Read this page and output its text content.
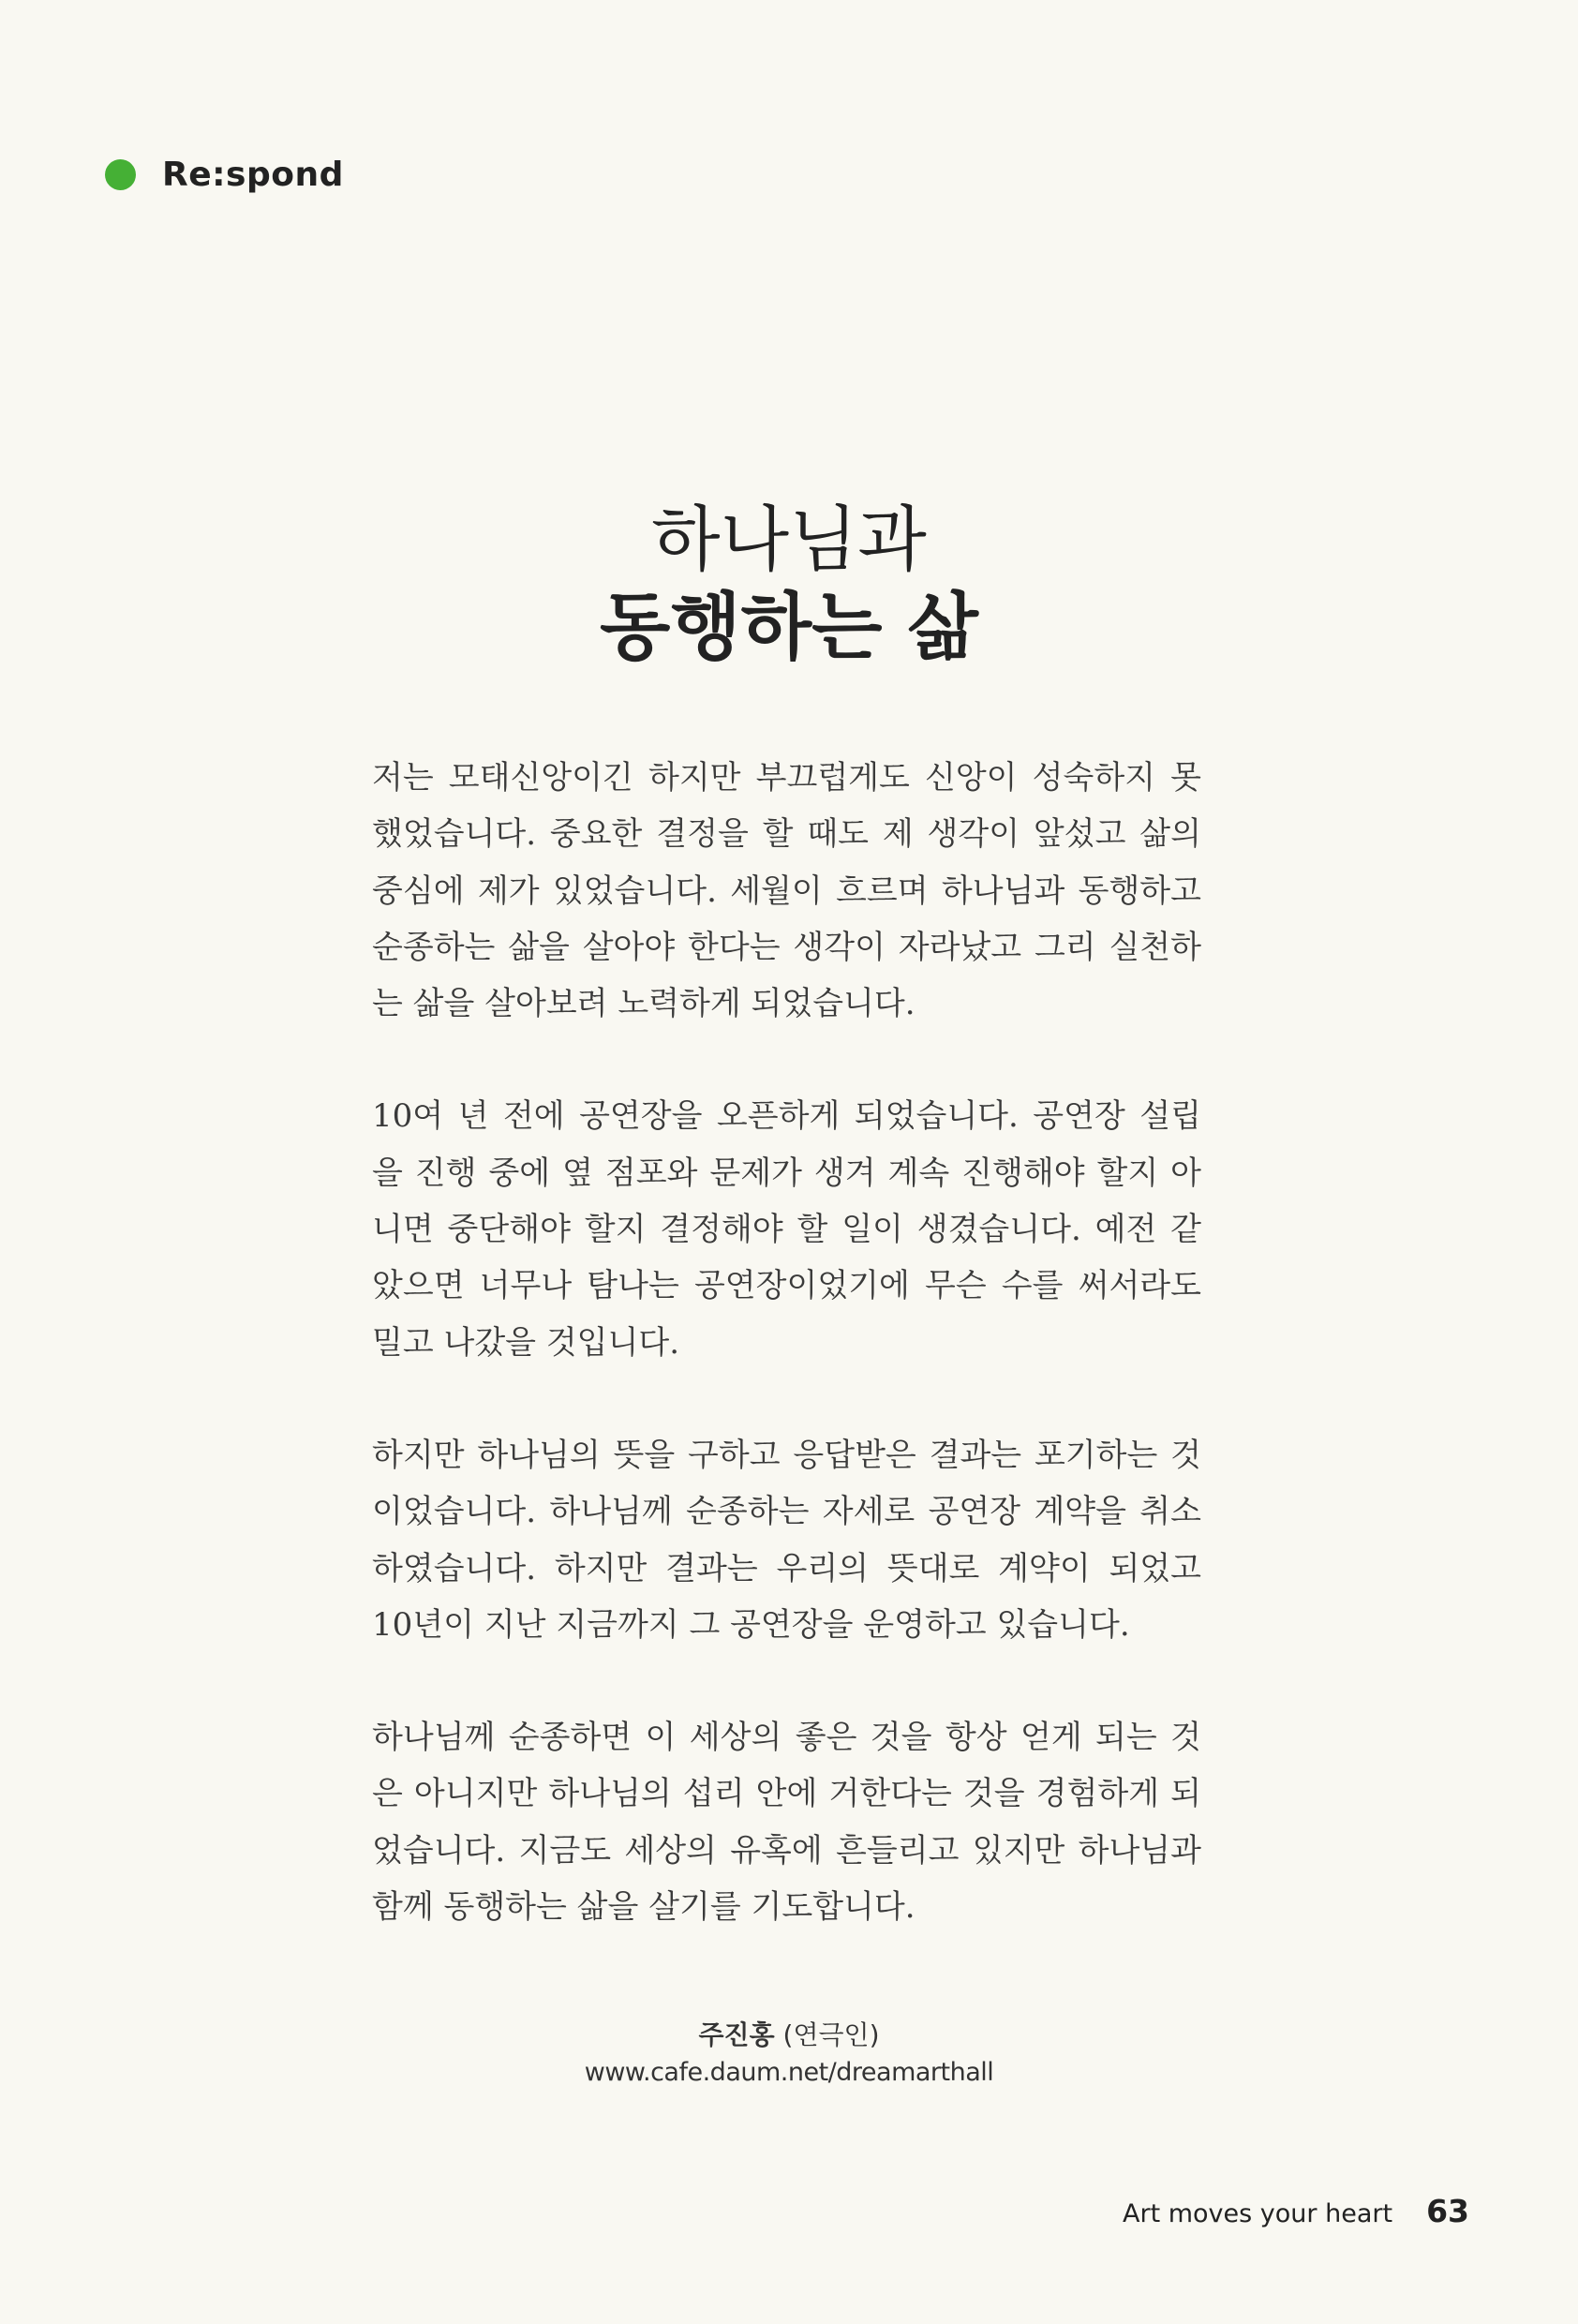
Re:spond
하나님과
동행하는 삶

저는 모태신앙이긴 하지만 부끄럽게도 신앙이 성숙하지 못했었습니다. 중요한 결정을 할 때도 제 생각이 앞섰고 삶의 중심에 제가 있었습니다. 세월이 흐르며 하나님과 동행하고 순종하는 삶을 살아야 한다는 생각이 자라났고 그리 실천하는 삶을 살아보려 노력하게 되었습니다.

10여 년 전에 공연장을 오픈하게 되었습니다. 공연장 설립을 진행 중에 옆 점포와 문제가 생겨 계속 진행해야 할지 아니면 중단해야 할지 결정해야 할 일이 생겼습니다. 예전 같았으면 너무나 탐나는 공연장이었기에 무슨 수를 써서라도 밀고 나갔을 것입니다.

하지만 하나님의 뜻을 구하고 응답받은 결과는 포기하는 것이었습니다. 하나님께 순종하는 자세로 공연장 계약을 취소하였습니다. 하지만 결과는 우리의 뜻대로 계약이 되었고 10년이 지난 지금까지 그 공연장을 운영하고 있습니다.

하나님께 순종하면 이 세상의 좋은 것을 항상 얻게 되는 것은 아니지만 하나님의 섭리 안에 거한다는 것을 경험하게 되었습니다. 지금도 세상의 유혹에 흔들리고 있지만 하나님과 함께 동행하는 삶을 살기를 기도합니다.

주진홍 (연극인)
www.cafe.daum.net/dreamarthall
Art moves your heart 63
